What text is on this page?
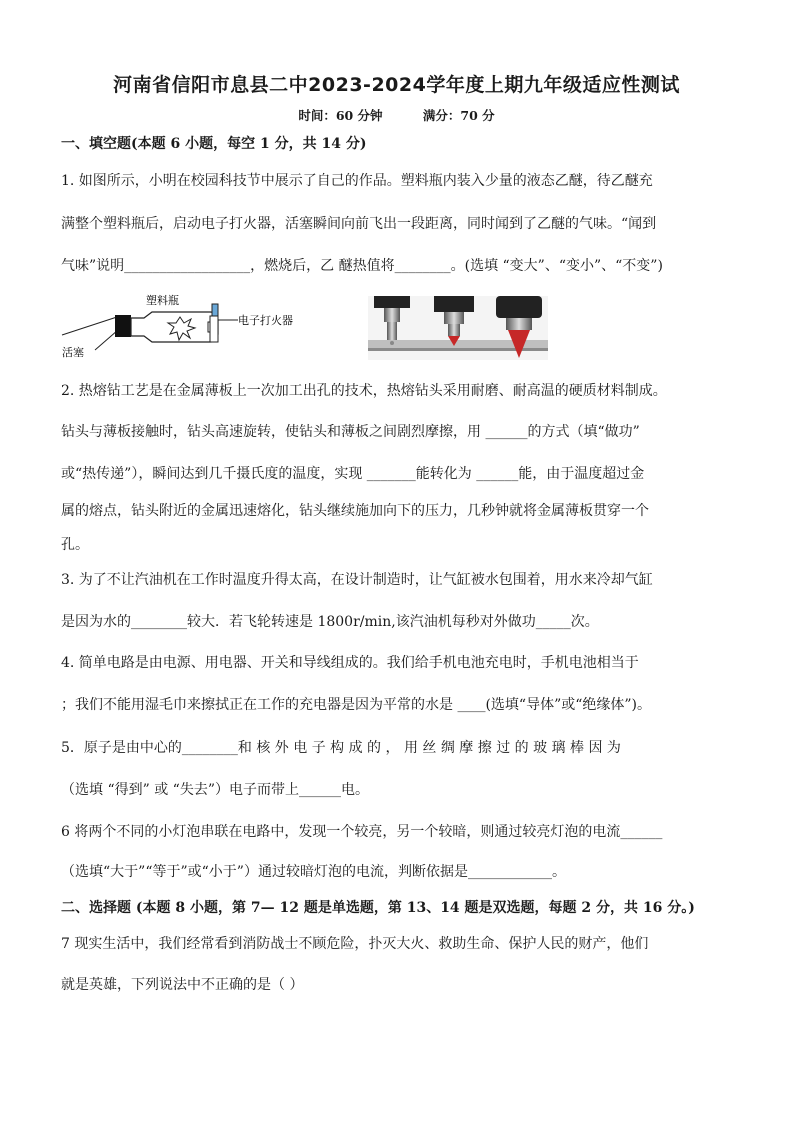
河南省信阳市息县二中2023-2024学年度上期九年级适应性测试
时间：60 分钟	满分：70 分
一、填空题(本题 6 小题，每空 1 分，共 14 分)
1. 如图所示，小明在校园科技节中展示了自己的作品。塑料瓶内装入少量的液态乙醚，待乙醚充
满整个塑料瓶后，启动电子打火器，活塞瞬间向前飞出一段距离，同时闻到了乙醚的气味。“闻到
气味”说明__________________，燃烧后，乙 醚热值将________。(选填 “变大”、“变小”、“不变”)
塑料瓶
电子打火器
活塞
2. 热熔钻工艺是在金属薄板上一次加工出孔的技术，热熔钻头采用耐磨、耐高温的硬质材料制成。
钻头与薄板接触时，钻头高速旋转，使钻头和薄板之间剧烈摩擦，用 ______的方式（填“做功”
或“热传递”），瞬间达到几千摄氏度的温度，实现 _______能转化为 ______能，由于温度超过金
属的熔点，钻头附近的金属迅速熔化，钻头继续施加向下的压力，几秒钟就将金属薄板贯穿一个
孔。
3. 为了不让汽油机在工作时温度升得太高，在设计制造时，让气缸被水包围着，用水来冷却气缸
是因为水的________较大．若飞轮转速是 1800r/min,该汽油机每秒对外做功_____次。
4. 简单电路是由电源、用电器、开关和导线组成的。我们给手机电池充电时，手机电池相当于
；我们不能用湿毛巾来擦拭正在工作的充电器是因为平常的水是 ____(选填“导体”或“绝缘体”)。
5．原子是由中心的________和 核 外 电 子 构 成 的 ， 用 丝 绸 摩 擦 过 的 玻 璃 棒 因 为
（选填 “得到” 或 “失去”）电子而带上______电。
6 将两个不同的小灯泡串联在电路中，发现一个较亮，另一个较暗，则通过较亮灯泡的电流______
（选填“大于”“等于”或“小于”）通过较暗灯泡的电流，判断依据是____________。
二、选择题 (本题 8 小题，第 7— 12 题是单选题，第 13、14 题是双选题，每题 2 分，共 16 分。)
7 现实生活中，我们经常看到消防战士不顾危险，扑灭大火、救助生命、保护人民的财产，他们
就是英雄，下列说法中不正确的是（ ）
